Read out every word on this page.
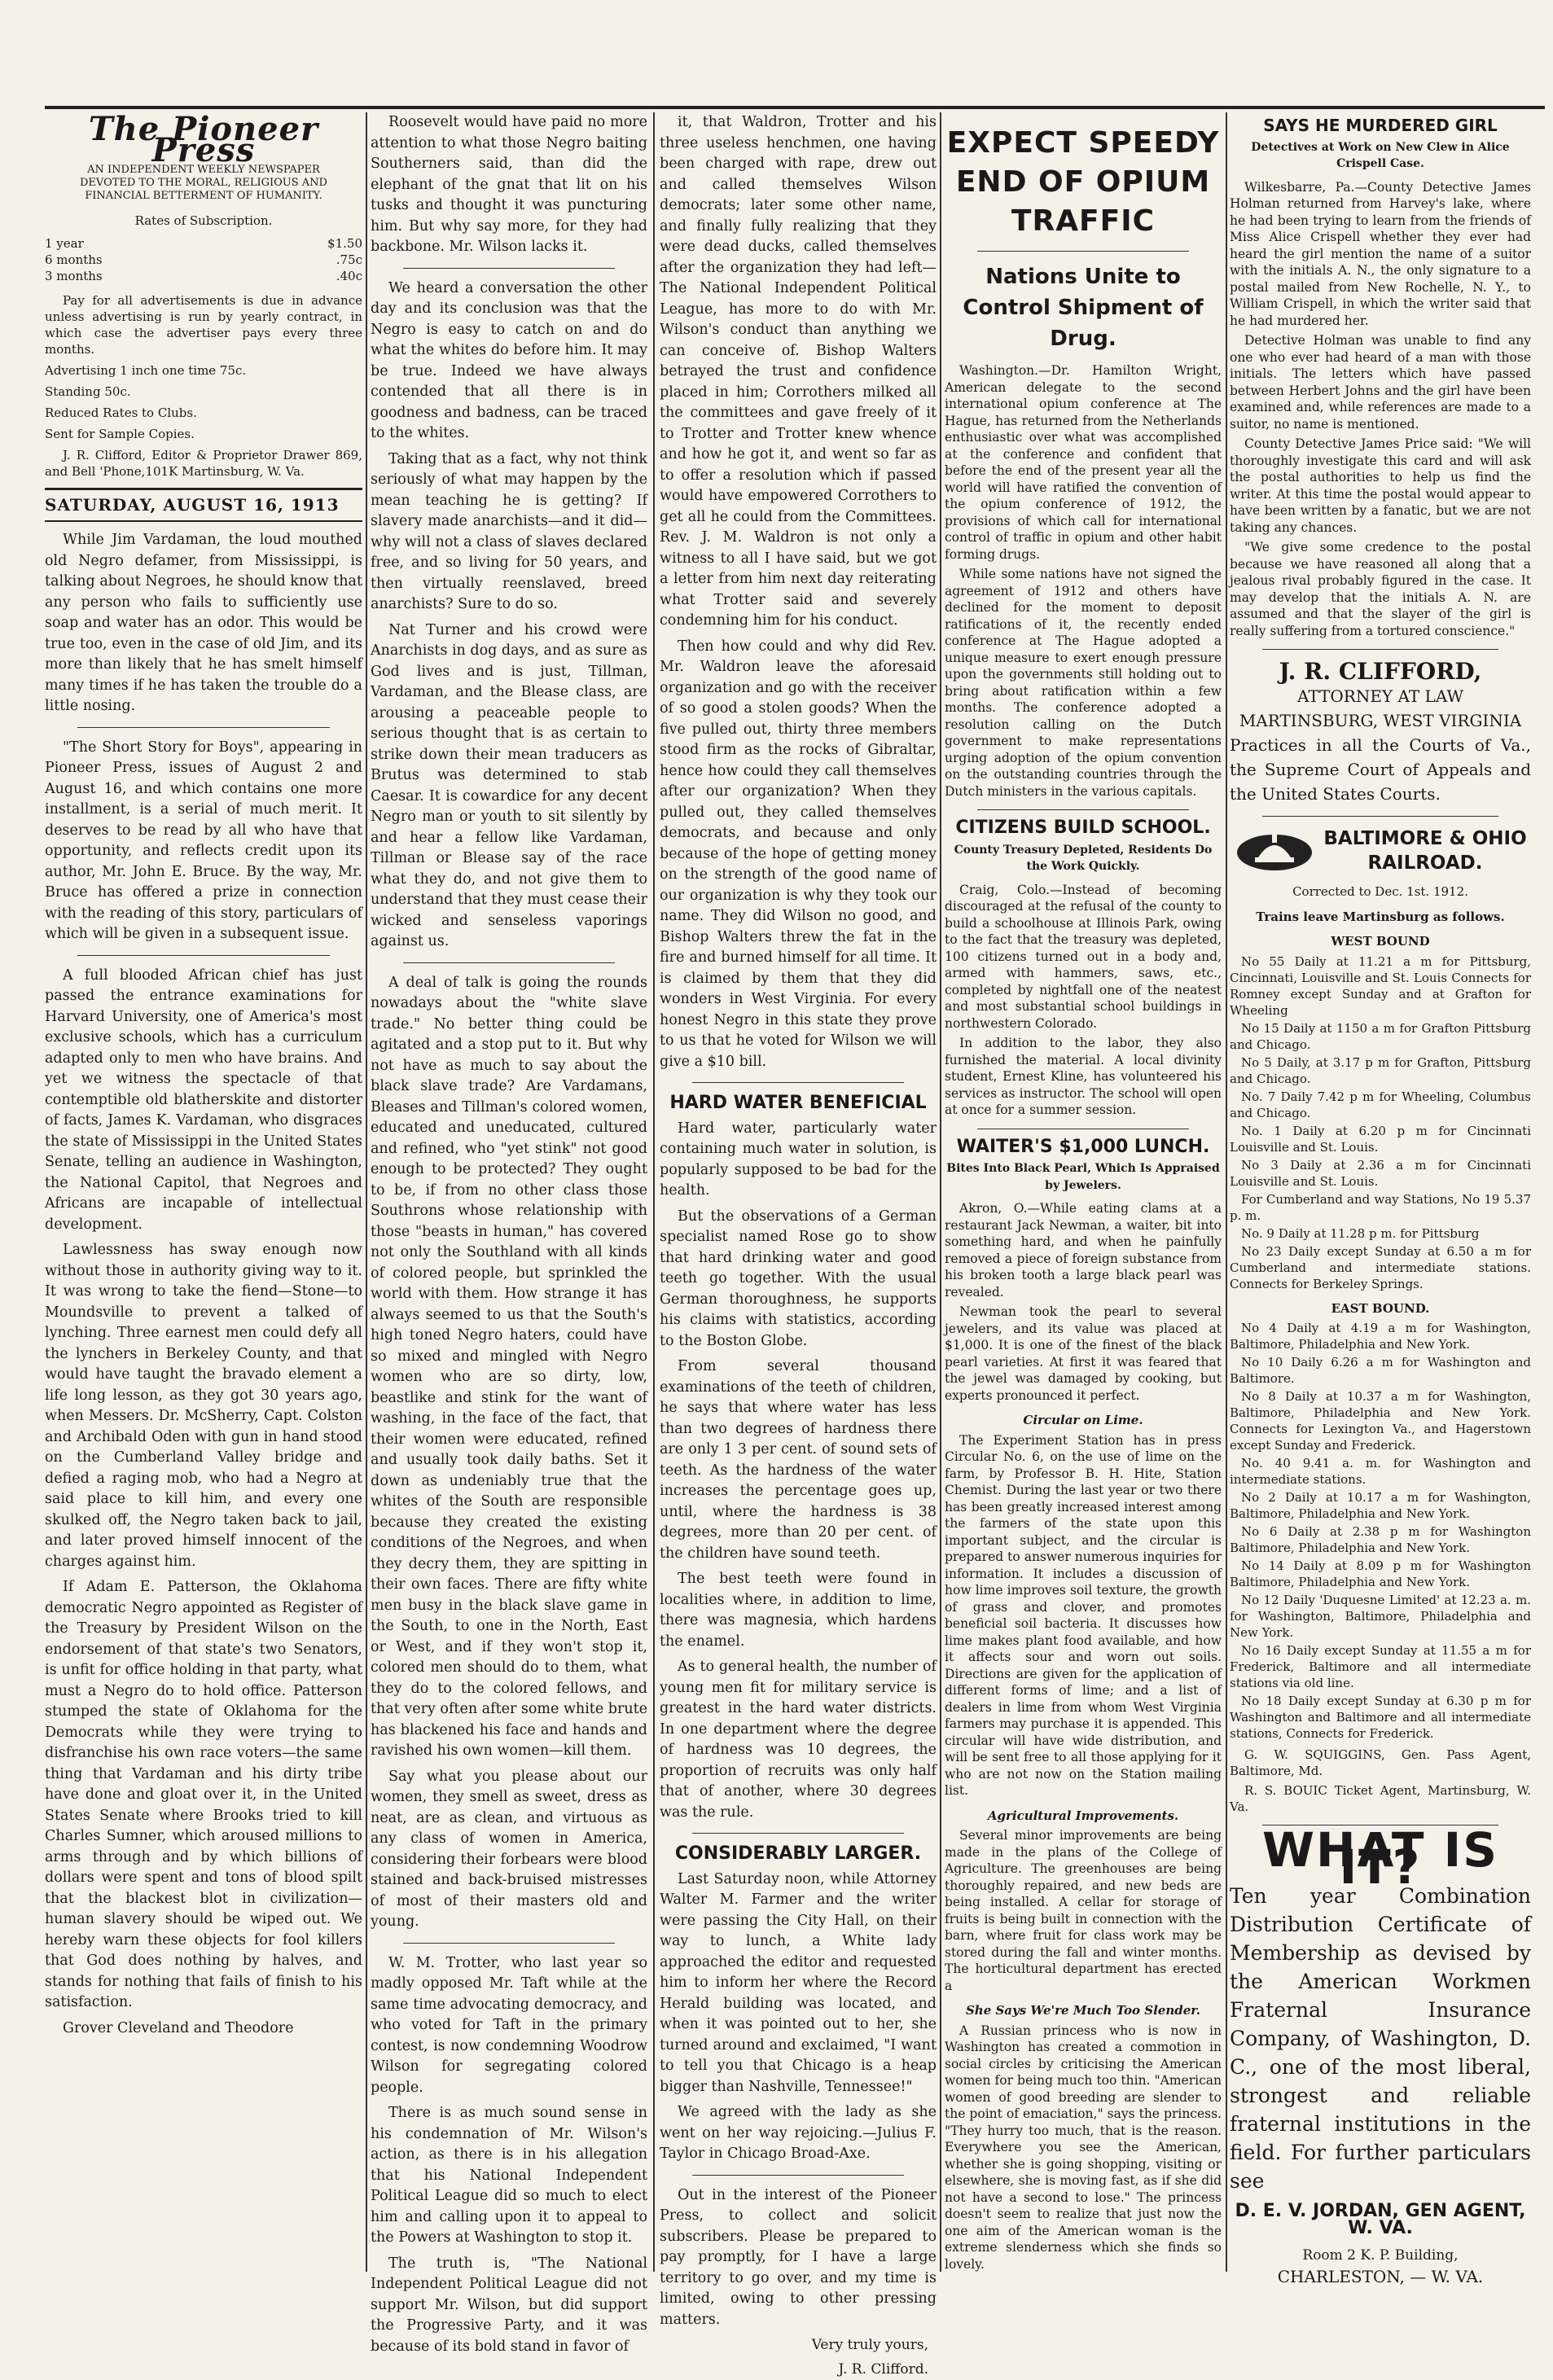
The Pioneer Press
AN INDEPENDENT WEEKLY NEWSPAPER
DEVOTED TO THE MORAL, RELIGIOUS AND
FINANCIAL BETTERMENT OF HUMANITY.
Rates of Subscription.
1 year	$1.50
6 months	.75c
3 months	.40c

Pay for all advertisements is due in advance unless advertising is run by yearly contract, in which case the advertiser pays every three months.

Advertising 1 inch one time 75c.
Standing 50c.
Reduced Rates to Clubs.
Sent for Sample Copies.

J. R. Clifford, Editor & Proprietor Drawer 869, and Bell 'Phone,101K Martinsburg, W. Va.

SATURDAY, AUGUST 16, 1913

While Jim Vardaman, the loud mouthed old Negro defamer, from Mississippi, is talking about Negroes, he should know that any person who fails to sufficiently use soap and water has an odor. This would be true too, even in the case of old Jim, and its more than likely that he has smelt himself many times if he has taken the trouble do a little nosing.

"The Short Story for Boys", appearing in Pioneer Press, issues of August 2 and August 16, and which contains one more installment, is a serial of much merit. It deserves to be read by all who have that opportunity, and reflects credit upon its author, Mr. John E. Bruce. By the way, Mr. Bruce has offered a prize in connection with the reading of this story, particulars of which will be given in a subsequent issue.

A full blooded African chief has just passed the entrance examinations for Harvard University, one of America's most exclusive schools, which has a curriculum adapted only to men who have brains. And yet we witness the spectacle of that contemptible old blatherskite and distorter of facts, James K. Vardaman, who disgraces the state of Mississippi in the United States Senate, telling an audience in Washington, the National Capitol, that Negroes and Africans are incapable of intellectual development.

Lawlessness has sway enough now without those in authority giving way to it. It was wrong to take the fiend—Stone—to Moundsville to prevent a talked of lynching. Three earnest men could defy all the lynchers in Berkeley County, and that would have taught the bravado element a life long lesson, as they got 30 years ago, when Messers. Dr. McSherry, Capt. Colston and Archibald Oden with gun in hand stood on the Cumberland Valley bridge and defied a raging mob, who had a Negro at said place to kill him, and every one skulked off, the Negro taken back to jail, and later proved himself innocent of the charges against him.

If Adam E. Patterson, the Oklahoma democratic Negro appointed as Register of the Treasury by President Wilson on the endorsement of that state's two Senators, is unfit for office holding in that party, what must a Negro do to hold office. Patterson stumped the state of Oklahoma for the Democrats while they were trying to disfranchise his own race voters—the same thing that Vardaman and his dirty tribe have done and gloat over it, in the United States Senate where Brooks tried to kill Charles Sumner, which aroused millions to arms through and by which billions of dollars were spent and tons of blood spilt that the blackest blot in civilization—human slavery should be wiped out. We hereby warn these objects for fool killers that God does nothing by halves, and stands for nothing that fails of finish to his satisfaction.

Grover Cleveland and Theodore

Roosevelt would have paid no more attention to what those Negro baiting Southerners said, than did the elephant of the gnat that lit on his tusks and thought it was puncturing him. But why say more, for they had backbone. Mr. Wilson lacks it.

We heard a conversation the other day and its conclusion was that the Negro is easy to catch on and do what the whites do before him. It may be true. Indeed we have always contended that all there is in goodness and badness, can be traced to the whites.

Taking that as a fact, why not think seriously of what may happen by the mean teaching he is getting? If slavery made anarchists—and it did—why will not a class of slaves declared free, and so living for 50 years, and then virtually reenslaved, breed anarchists? Sure to do so.

Nat Turner and his crowd were Anarchists in dog days, and as sure as God lives and is just, Tillman, Vardaman, and the Blease class, are arousing a peaceable people to serious thought that is as certain to strike down their mean traducers as Brutus was determined to stab Caesar. It is cowardice for any decent Negro man or youth to sit silently by and hear a fellow like Vardaman, Tillman or Blease say of the race what they do, and not give them to understand that they must cease their wicked and senseless vaporings against us.

A deal of talk is going the rounds nowadays about the "white slave trade." No better thing could be agitated and a stop put to it. But why not have as much to say about the black slave trade? Are Vardamans, Bleases and Tillman's colored women, educated and uneducated, cultured and refined, who "yet stink" not good enough to be protected? They ought to be, if from no other class those Southrons whose relationship with those "beasts in human," has covered not only the Southland with all kinds of colored people, but sprinkled the world with them. How strange it has always seemed to us that the South's high toned Negro haters, could have so mixed and mingled with Negro women who are so dirty, low, beastlike and stink for the want of washing, in the face of the fact, that their women were educated, refined and usually took daily baths. Set it down as undeniably true that the whites of the South are responsible because they created the existing conditions of the Negroes, and when they decry them, they are spitting in their own faces. There are fifty white men busy in the black slave game in the South, to one in the North, East or West, and if they won't stop it, colored men should do to them, what they do to the colored fellows, and that very often after some white brute has blackened his face and hands and ravished his own women—kill them.

Say what you please about our women, they smell as sweet, dress as neat, are as clean, and virtuous as any class of women in America, considering their forbears were blood stained and back-bruised mistresses of most of their masters old and young.

W. M. Trotter, who last year so madly opposed Mr. Taft while at the same time advocating democracy, and who voted for Taft in the primary contest, is now condemning Woodrow Wilson for segregating colored people.

There is as much sound sense in his condemnation of Mr. Wilson's action, as there is in his allegation that his National Independent Political League did so much to elect him and calling upon it to appeal to the Powers at Washington to stop it.

The truth is, "The National Independent Political League did not support Mr. Wilson, but did support the Progressive Party, and it was because of its bold stand in favor of

it, that Waldron, Trotter and his three useless henchmen, one having been charged with rape, drew out and called themselves Wilson democrats; later some other name, and finally fully realizing that they were dead ducks, called themselves after the organization they had left—The National Independent Political League, has more to do with Mr. Wilson's conduct than anything we can conceive of. Bishop Walters betrayed the trust and confidence placed in him; Corrothers milked all the committees and gave freely of it to Trotter and Trotter knew whence and how he got it, and went so far as to offer a resolution which if passed would have empowered Corrothers to get all he could from the Committees. Rev. J. M. Waldron is not only a witness to all I have said, but we got a letter from him next day reiterating what Trotter said and severely condemning him for his conduct.

Then how could and why did Rev. Mr. Waldron leave the aforesaid organization and go with the receiver of so good a stolen goods? When the five pulled out, thirty three members stood firm as the rocks of Gibraltar, hence how could they call themselves after our organization? When they pulled out, they called themselves democrats, and because and only because of the hope of getting money on the strength of the good name of our organization is why they took our name. They did Wilson no good, and Bishop Walters threw the fat in the fire and burned himself for all time. It is claimed by them that they did wonders in West Virginia. For every honest Negro in this state they prove to us that he voted for Wilson we will give a $10 bill.

HARD WATER BENEFICIAL

Hard water, particularly water containing much water in solution, is popularly supposed to be bad for the health.

But the observations of a German specialist named Rose go to show that hard drinking water and good teeth go together. With the usual German thoroughness, he supports his claims with statistics, according to the Boston Globe.

From several thousand examinations of the teeth of children, he says that where water has less than two degrees of hardness there are only 1 3 per cent. of sound sets of teeth. As the hardness of the water increases the percentage goes up, until, where the hardness is 38 degrees, more than 20 per cent. of the children have sound teeth.

The best teeth were found in localities where, in addition to lime, there was magnesia, which hardens the enamel.

As to general health, the number of young men fit for military service is greatest in the hard water districts. In one department where the degree of hardness was 10 degrees, the proportion of recruits was only half that of another, where 30 degrees was the rule.

CONSIDERABLY LARGER.

Last Saturday noon, while Attorney Walter M. Farmer and the writer were passing the City Hall, on their way to lunch, a White lady approached the editor and requested him to inform her where the Record Herald building was located, and when it was pointed out to her, she turned around and exclaimed, "I want to tell you that Chicago is a heap bigger than Nashville, Tennessee!"

We agreed with the lady as she went on her way rejoicing.—Julius F. Taylor in Chicago Broad-Axe.

Out in the interest of the Pioneer Press, to collect and solicit subscribers. Please be prepared to pay promptly, for I have a large territory to go over, and my time is limited, owing to other pressing matters.

Very truly yours,
J. R. Clifford.
EXPECT SPEEDY END OF OPIUM TRAFFIC
Nations Unite to Control Shipment of Drug.

Washington.—Dr. Hamilton Wright, American delegate to the second international opium conference at The Hague, has returned from the Netherlands enthusiastic over what was accomplished at the conference and confident that before the end of the present year all the world will have ratified the convention of the opium conference of 1912, the provisions of which call for international control of traffic in opium and other habit forming drugs.

While some nations have not signed the agreement of 1912 and others have declined for the moment to deposit ratifications of it, the recently ended conference at The Hague adopted a unique measure to exert enough pressure upon the governments still holding out to bring about ratification within a few months. The conference adopted a resolution calling on the Dutch government to make representations urging adoption of the opium convention on the outstanding countries through the Dutch ministers in the various capitals.

CITIZENS BUILD SCHOOL.
County Treasury Depleted, Residents Do the Work Quickly.

Craig, Colo.—Instead of becoming discouraged at the refusal of the county to build a schoolhouse at Illinois Park, owing to the fact that the treasury was depleted, 100 citizens turned out in a body and, armed with hammers, saws, etc., completed by nightfall one of the neatest and most substantial school buildings in northwestern Colorado.

In addition to the labor, they also furnished the material. A local divinity student, Ernest Kline, has volunteered his services as instructor. The school will open at once for a summer session.

WAITER'S $1,000 LUNCH.
Bites Into Black Pearl, Which Is Appraised by Jewelers.

Akron, O.—While eating clams at a restaurant Jack Newman, a waiter, bit into something hard, and when he painfully removed a piece of foreign substance from his broken tooth a large black pearl was revealed.

Newman took the pearl to several jewelers, and its value was placed at $1,000. It is one of the finest of the black pearl varieties. At first it was feared that the jewel was damaged by cooking, but experts pronounced it perfect.

Circular on Lime.

The Experiment Station has in press Circular No. 6, on the use of lime on the farm, by Professor B. H. Hite, Station Chemist. During the last year or two there has been greatly increased interest among the farmers of the state upon this important subject, and the circular is prepared to answer numerous inquiries for information. It includes a discussion of how lime improves soil texture, the growth of grass and clover, and promotes beneficial soil bacteria. It discusses how lime makes plant food available, and how it affects sour and worn out soils. Directions are given for the application of different forms of lime; and a list of dealers in lime from whom West Virginia farmers may purchase it is appended. This circular will have wide distribution, and will be sent free to all those applying for it who are not now on the Station mailing list.

Agricultural Improvements.

Several minor improvements are being made in the plans of the College of Agriculture. The greenhouses are being thoroughly repaired, and new beds are being installed. A cellar for storage of fruits is being built in connection with the barn, where fruit for class work may be stored during the fall and winter months. The horticultural department has erected a

She Says We're Much Too Slender.

A Russian princess who is now in Washington has created a commotion in social circles by criticising the American women for being much too thin. "American women of good breeding are slender to the point of emaciation," says the princess. "They hurry too much, that is the reason. Everywhere you see the American, whether she is going shopping, visiting or elsewhere, she is moving fast, as if she did not have a second to lose." The princess doesn't seem to realize that just now the one aim of the American woman is the extreme slenderness which she finds so lovely.

SAYS HE MURDERED GIRL
Detectives at Work on New Clew in Alice Crispell Case.

Wilkesbarre, Pa.—County Detective James Holman returned from Harvey's lake, where he had been trying to learn from the friends of Miss Alice Crispell whether they ever had heard the girl mention the name of a suitor with the initials A. N., the only signature to a postal mailed from New Rochelle, N. Y., to William Crispell, in which the writer said that he had murdered her.

Detective Holman was unable to find any one who ever had heard of a man with those initials. The letters which have passed between Herbert Johns and the girl have been examined and, while references are made to a suitor, no name is mentioned.

County Detective James Price said: "We will thoroughly investigate this card and will ask the postal authorities to help us find the writer. At this time the postal would appear to have been written by a fanatic, but we are not taking any chances.

"We give some credence to the postal because we have reasoned all along that a jealous rival probably figured in the case. It may develop that the initials A. N. are assumed and that the slayer of the girl is really suffering from a tortured conscience."

J. R. CLIFFORD,
ATTORNEY AT LAW
MARTINSBURG, WEST VIRGINIA
Practices in all the Courts of Va., the Supreme Court of Appeals and the United States Courts.
BALTIMORE & OHIO
RAILROAD.
Corrected to Dec. 1st. 1912.
Trains leave Martinsburg as follows.
WEST BOUND

No 55 Daily at 11.21 a m for Pittsburg, Cincinnati, Louisville and St. Louis Connects for Romney except Sunday and at Grafton for Wheeling

No 15 Daily at 1150 a m for Grafton Pittsburg and Chicago.

No 5 Daily, at 3.17 p m for Grafton, Pittsburg and Chicago.

No. 7 Daily 7.42 p m for Wheeling, Columbus and Chicago.

No. 1 Daily at 6.20 p m for Cincinnati Louisville and St. Louis.

No 3 Daily at 2.36 a m for Cincinnati Louisville and St. Louis.

For Cumberland and way Stations, No 19 5.37 p. m.

No. 9 Daily at 11.28 p m. for Pittsburg

No 23 Daily except Sunday at 6.50 a m for Cumberland and intermediate stations. Connects for Berkeley Springs.

EAST BOUND.

No 4 Daily at 4.19 a m for Washington, Baltimore, Philadelphia and New York.

No 10 Daily 6.26 a m for Washington and Baltimore.

No 8 Daily at 10.37 a m for Washington, Baltimore, Philadelphia and New York. Connects for Lexington Va., and Hagerstown except Sunday and Frederick.

No. 40 9.41 a. m. for Washington and intermediate stations.

No 2 Daily at 10.17 a m for Washington, Baltimore, Philadelphia and New York.

No 6 Daily at 2.38 p m for Washington Baltimore, Philadelphia and New York.

No 14 Daily at 8.09 p m for Washington Baltimore, Philadelphia and New York.

No 12 Daily 'Duquesne Limited' at 12.23 a. m. for Washington, Baltimore, Philadelphia and New York.

No 16 Daily except Sunday at 11.55 a m for Frederick, Baltimore and all intermediate stations via old line.

No 18 Daily except Sunday at 6.30 p m for Washington and Baltimore and all intermediate stations, Connects for Frederick.

G. W. SQUIGGINS, Gen. Pass Agent, Baltimore, Md.

R. S. BOUIC Ticket Agent, Martinsburg, W. Va.

WHAT IS IT?
Ten year Combination Distribution Certificate of Membership as devised by the American Workmen Fraternal Insurance Company, of Washington, D. C., one of the most liberal, strongest and reliable fraternal institutions in the field. For further particulars see
D. E. V. JORDAN, GEN AGENT, W. VA.
Room 2 K. P. Building,
CHARLESTON, — W. VA.
